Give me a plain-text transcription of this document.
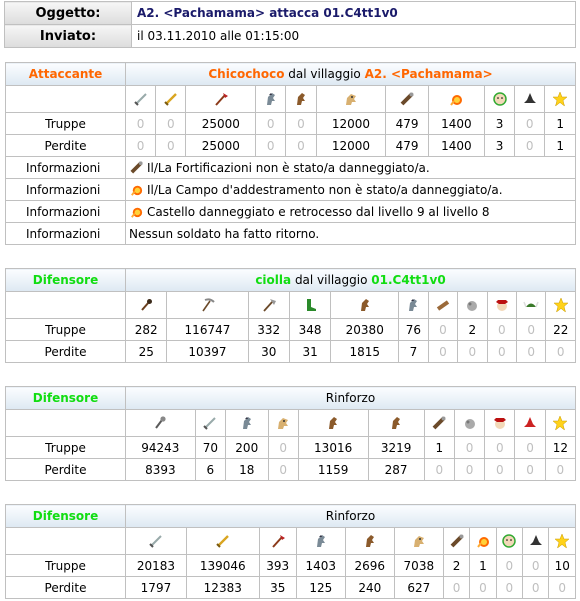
Oggetto:	A2. <Pachamama> attacca 01.C4tt1v0
Inviato:	il 03.11.2010 alle 01:15:00
Attaccante	Chicochoco dal villaggio A2. <Pachamama>										

Truppe	0	0	25000	0	0	12000	479	1400	3	0	1
Perdite	0	0	25000	0	0	12000	479	1400	3	0	1
Informazioni	Il/La Fortificazioni non è stato/a danneggiato/a.										
Informazioni	Il/La Campo d'addestramento non è stato/a danneggiato/a.										
Informazioni	Castello danneggiato e retrocesso dal livello 9 al livello 8										
Informazioni	Nessun soldato ha fatto ritorno.										
Difensore	ciolla dal villaggio 01.C4tt1v0										

Truppe	282	116747	332	348	20380	76	0	2	0	0	22
Perdite	25	10397	30	31	1815	7	0	0	0	0	0
Difensore	Rinforzo										

Truppe	94243	70	200	0	13016	3219	1	0	0	0	12
Perdite	8393	6	18	0	1159	287	0	0	0	0	0
Difensore	Rinforzo										

Truppe	20183	139046	393	1403	2696	7038	2	1	0	0	10
Perdite	1797	12383	35	125	240	627	0	0	0	0	0
